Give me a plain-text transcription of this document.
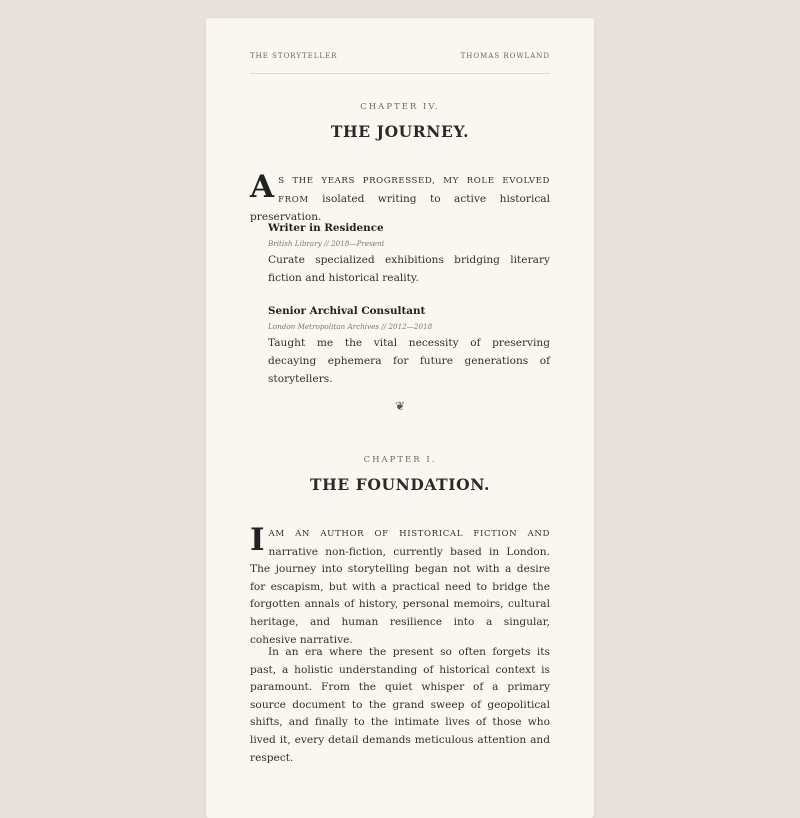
THE STORYTELLER	THOMAS ROWLAND
CHAPTER IV.
THE JOURNEY.
AS THE YEARS PROGRESSED, MY ROLE EVOLVED FROM isolated writing to active historical preservation.
Writer in Residence
British Library // 2018—Present
Curate specialized exhibitions bridging literary fiction and historical reality.
Senior Archival Consultant
London Metropolitan Archives // 2012—2018
Taught me the vital necessity of preserving decaying ephemera for future generations of storytellers.
❦
CHAPTER I.
THE FOUNDATION.
IAM AN AUTHOR OF HISTORICAL FICTION AND narrative non-fiction, currently based in London. The journey into storytelling began not with a desire for escapism, but with a practical need to bridge the forgotten annals of history, personal memoirs, cultural heritage, and human resilience into a singular, cohesive narrative.
In an era where the present so often forgets its past, a holistic understanding of historical context is paramount. From the quiet whisper of a primary source document to the grand sweep of geopolitical shifts, and finally to the intimate lives of those who lived it, every detail demands meticulous attention and respect.
